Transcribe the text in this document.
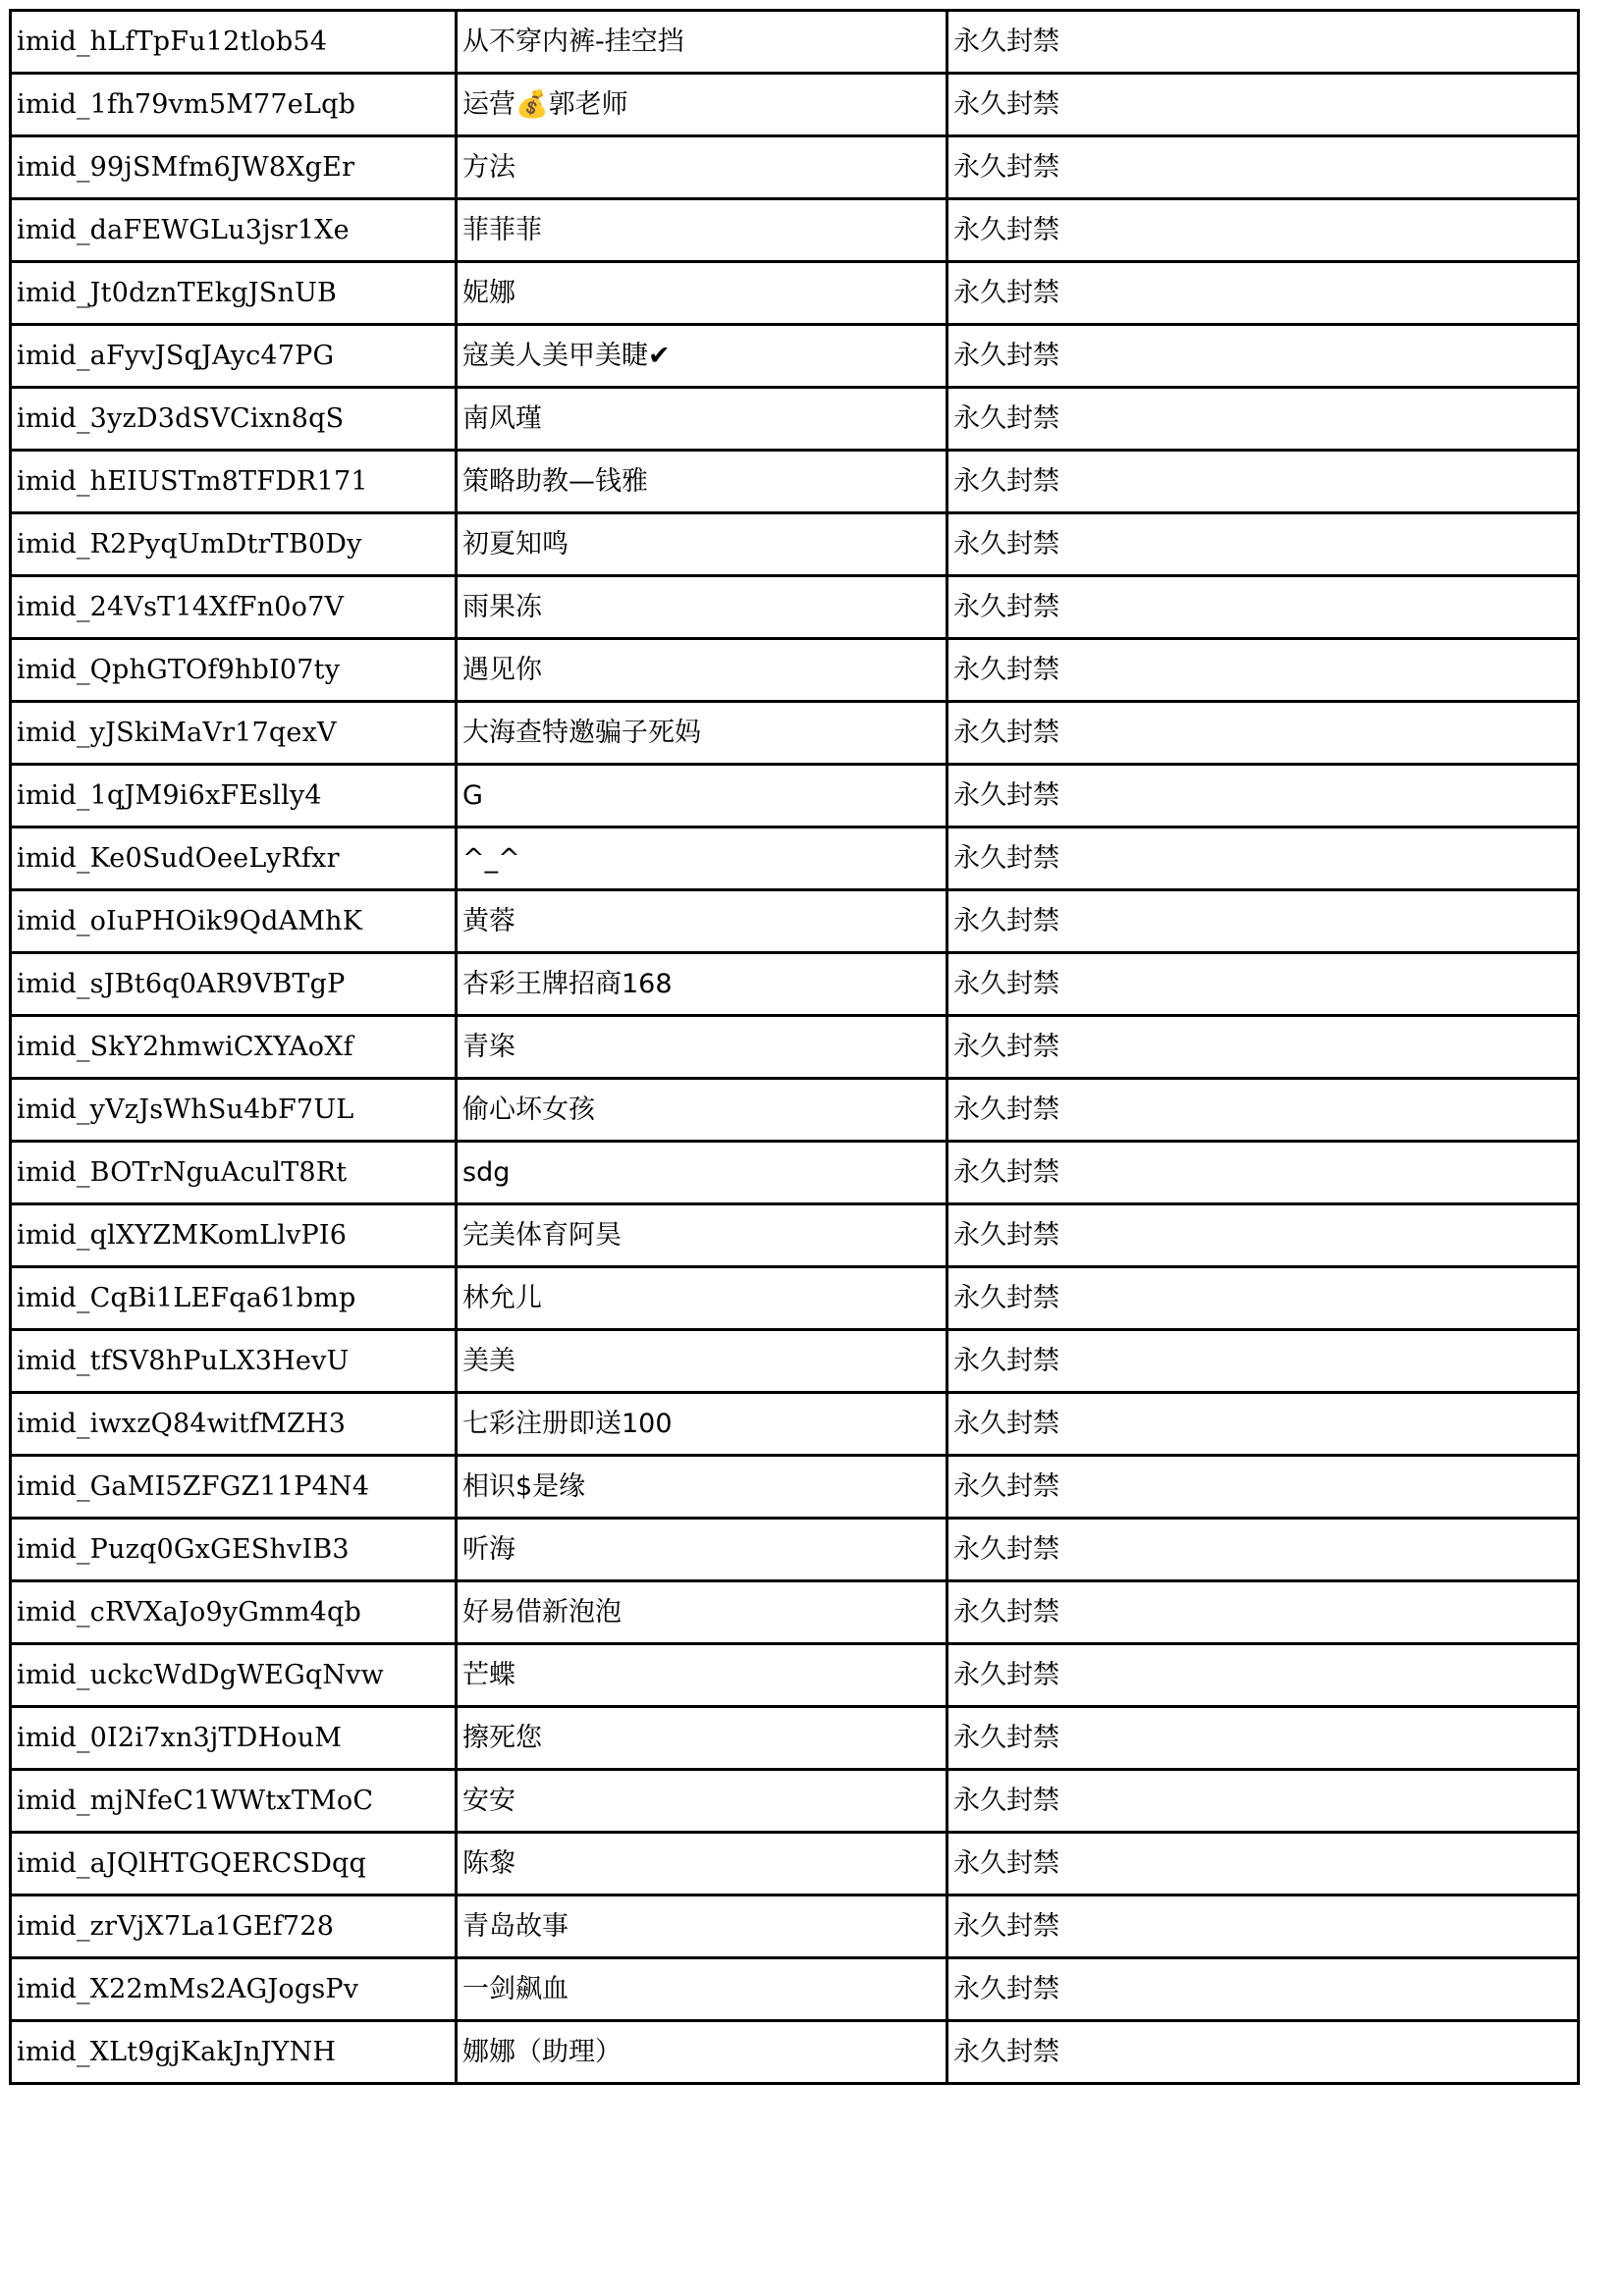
imid_hLfTpFu12tlob54	从不穿内裤-挂空挡	永久封禁
imid_1fh79vm5M77eLqb	运营💰郭老师	永久封禁
imid_99jSMfm6JW8XgEr	方法	永久封禁
imid_daFEWGLu3jsr1Xe	菲菲菲	永久封禁
imid_Jt0dznTEkgJSnUB	妮娜	永久封禁
imid_aFyvJSqJAyc47PG	寇美人美甲美睫✔	永久封禁
imid_3yzD3dSVCixn8qS	南风瑾	永久封禁
imid_hEIUSTm8TFDR171	策略助教—钱雅	永久封禁
imid_R2PyqUmDtrTB0Dy	初夏知鸣	永久封禁
imid_24VsT14XfFn0o7V	雨果冻	永久封禁
imid_QphGTOf9hbI07ty	遇见你	永久封禁
imid_yJSkiMaVr17qexV	大海查特邀骗子死妈	永久封禁
imid_1qJM9i6xFEslly4	G	永久封禁
imid_Ke0SudOeeLyRfxr	^_^	永久封禁
imid_oIuPHOik9QdAMhK	黄蓉	永久封禁
imid_sJBt6q0AR9VBTgP	杏彩王牌招商168	永久封禁
imid_SkY2hmwiCXYAoXf	青栥	永久封禁
imid_yVzJsWhSu4bF7UL	偷心坏女孩	永久封禁
imid_BOTrNguAculT8Rt	sdg	永久封禁
imid_qlXYZMKomLlvPI6	完美体育阿昊	永久封禁
imid_CqBi1LEFqa61bmp	林允儿	永久封禁
imid_tfSV8hPuLX3HevU	美美	永久封禁
imid_iwxzQ84witfMZH3	七彩注册即送100	永久封禁
imid_GaMI5ZFGZ11P4N4	相识$是缘	永久封禁
imid_Puzq0GxGEShvIB3	听海	永久封禁
imid_cRVXaJo9yGmm4qb	好易借新泡泡	永久封禁
imid_uckcWdDgWEGqNvw	芒蝶	永久封禁
imid_0I2i7xn3jTDHouM	擦死您	永久封禁
imid_mjNfeC1WWtxTMoC	安安	永久封禁
imid_aJQlHTGQERCSDqq	陈黎	永久封禁
imid_zrVjX7La1GEf728	青岛故事	永久封禁
imid_X22mMs2AGJogsPv	一剑飙血	永久封禁
imid_XLt9gjKakJnJYNH	娜娜（助理）	永久封禁
